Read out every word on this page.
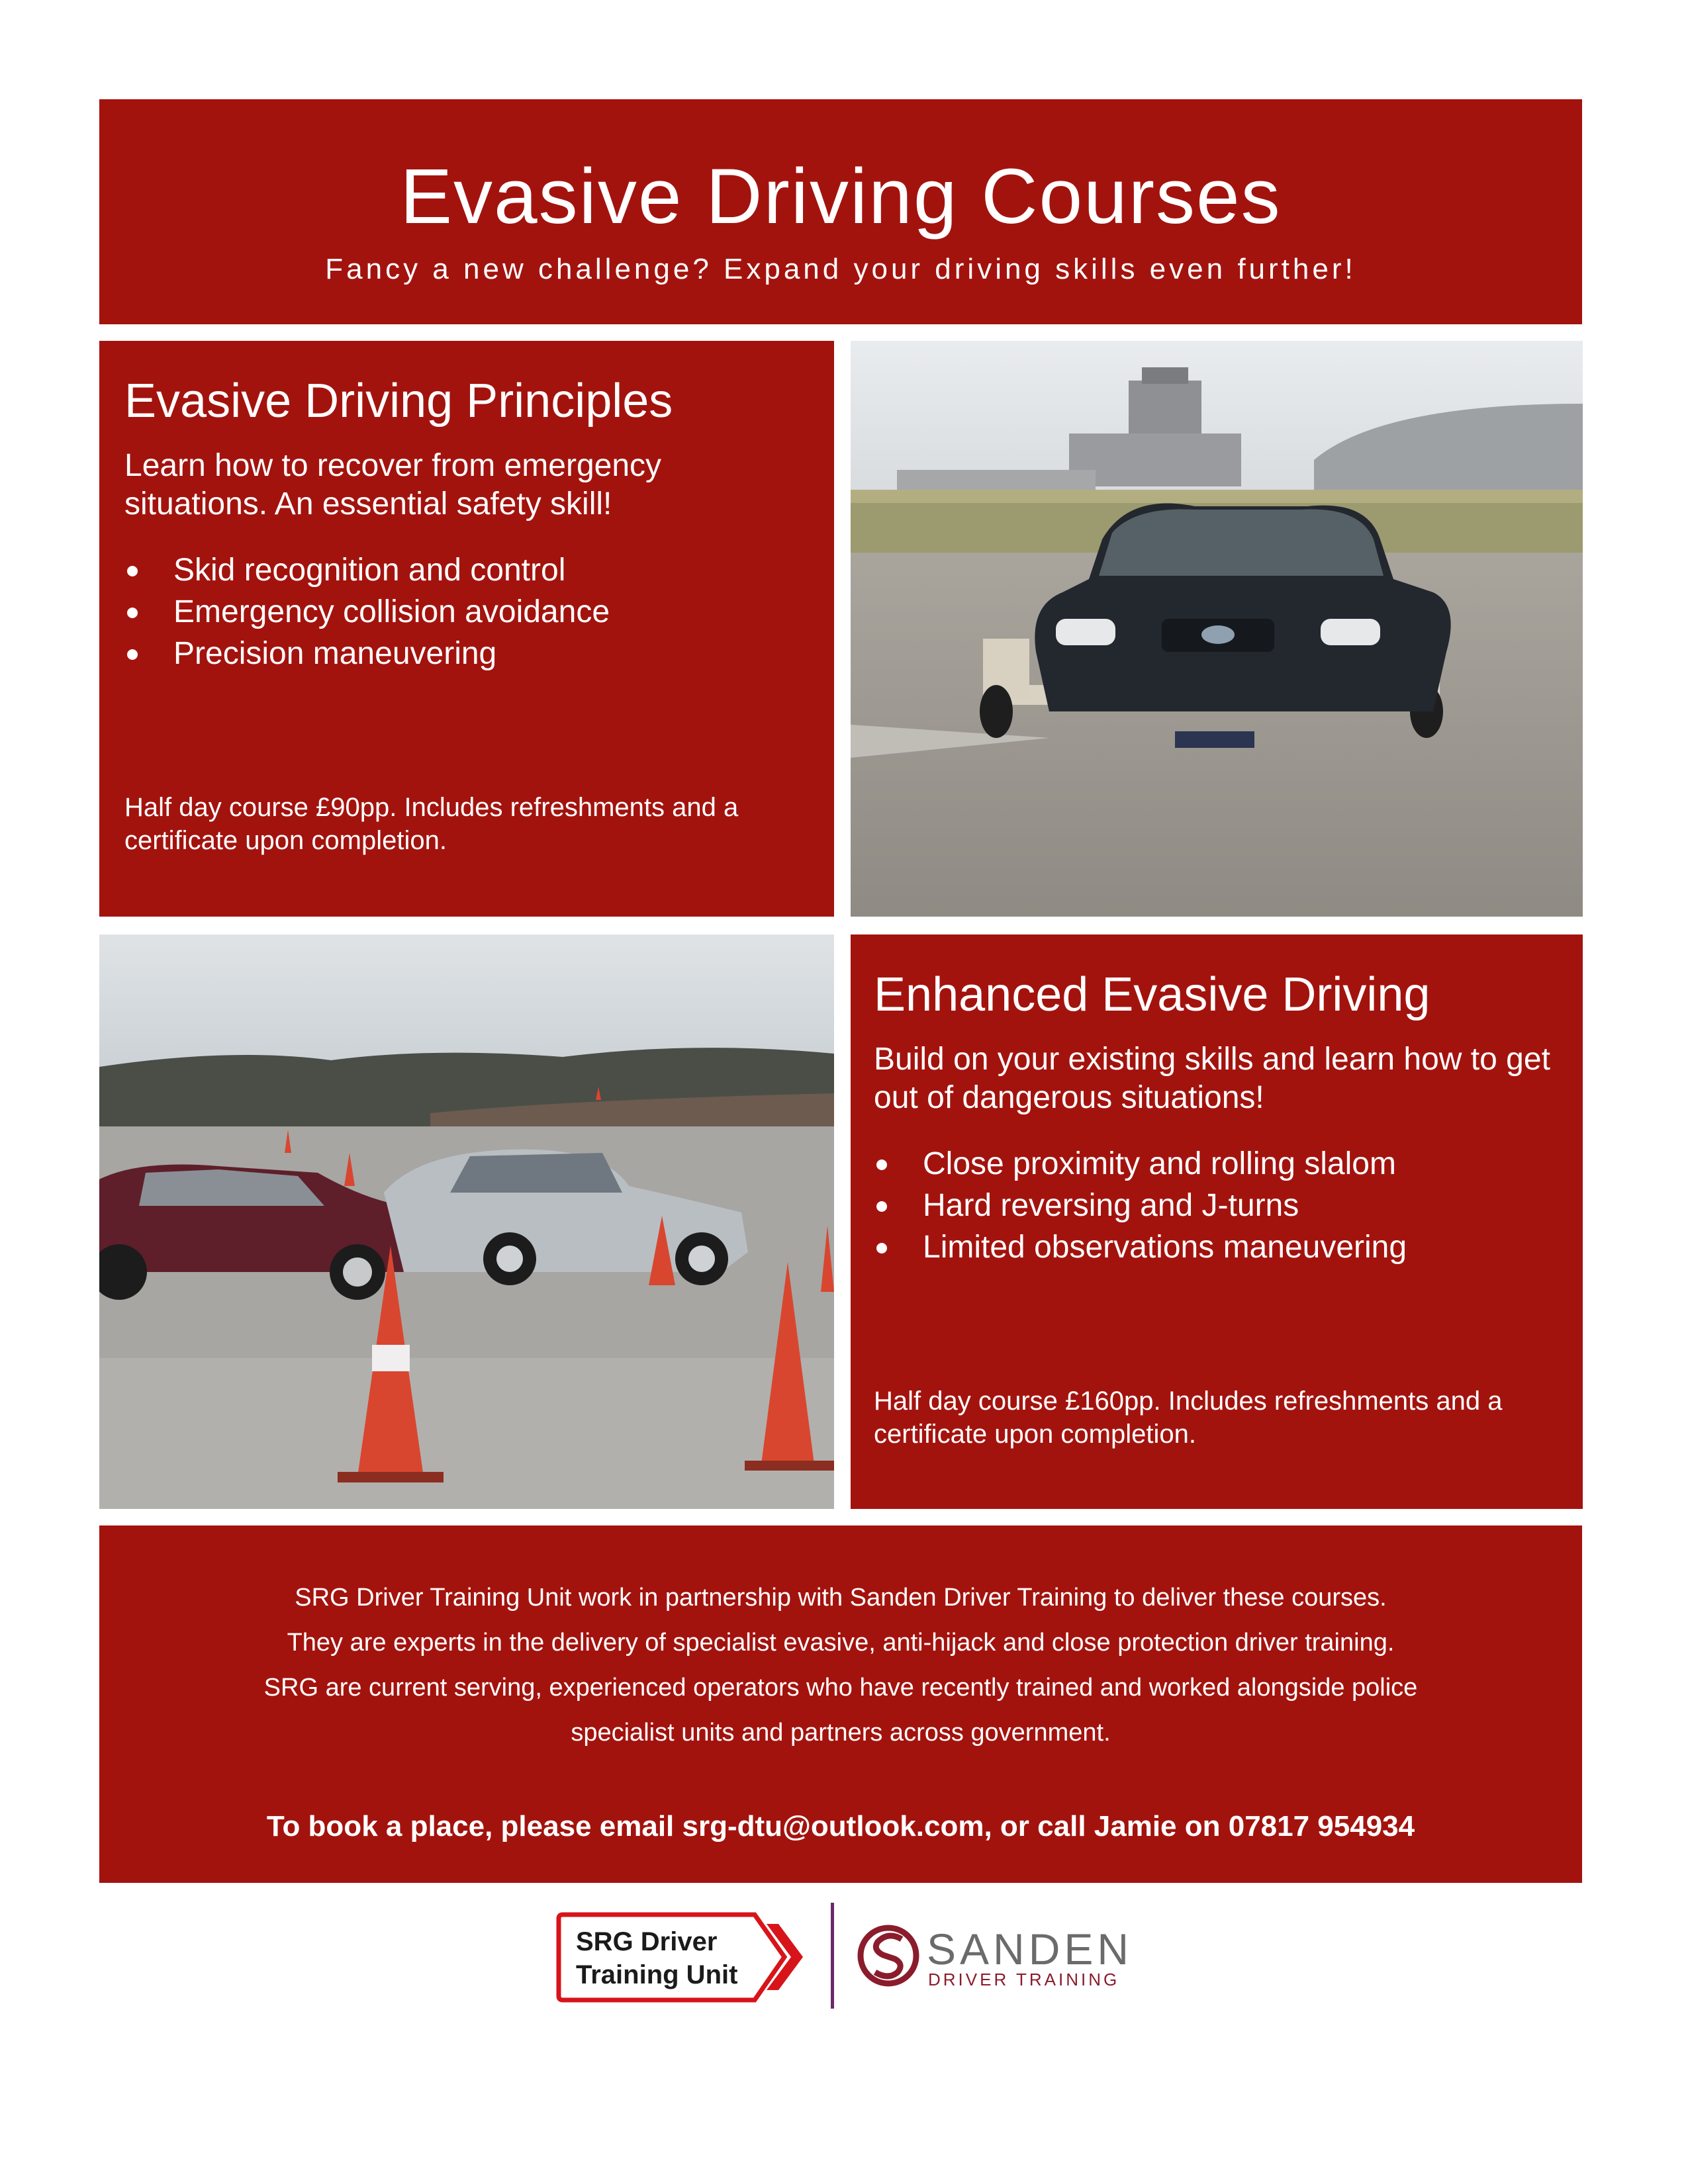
Evasive Driving Courses
Fancy a new challenge? Expand your driving skills even further!
Evasive Driving Principles
Learn how to recover from emergency situations. An essential safety skill!
Skid recognition and control
Emergency collision avoidance
Precision maneuvering
Half day course £90pp. Includes refreshments and a certificate upon completion.
Enhanced Evasive Driving
Build on your existing skills and learn how to get out of dangerous situations!
Close proximity and rolling slalom
Hard reversing and J-turns
Limited observations maneuvering
Half day course £160pp. Includes refreshments and a certificate upon completion.
SRG Driver Training Unit work in partnership with Sanden Driver Training to deliver these courses.
They are experts in the delivery of specialist evasive, anti-hijack and close protection driver training.
SRG are current serving, experienced operators who have recently trained and worked alongside police
specialist units and partners across government.
To book a place, please email srg-dtu@outlook.com, or call Jamie on 07817 954934
SRG Driver
Training Unit
SANDEN
DRIVER TRAINING
